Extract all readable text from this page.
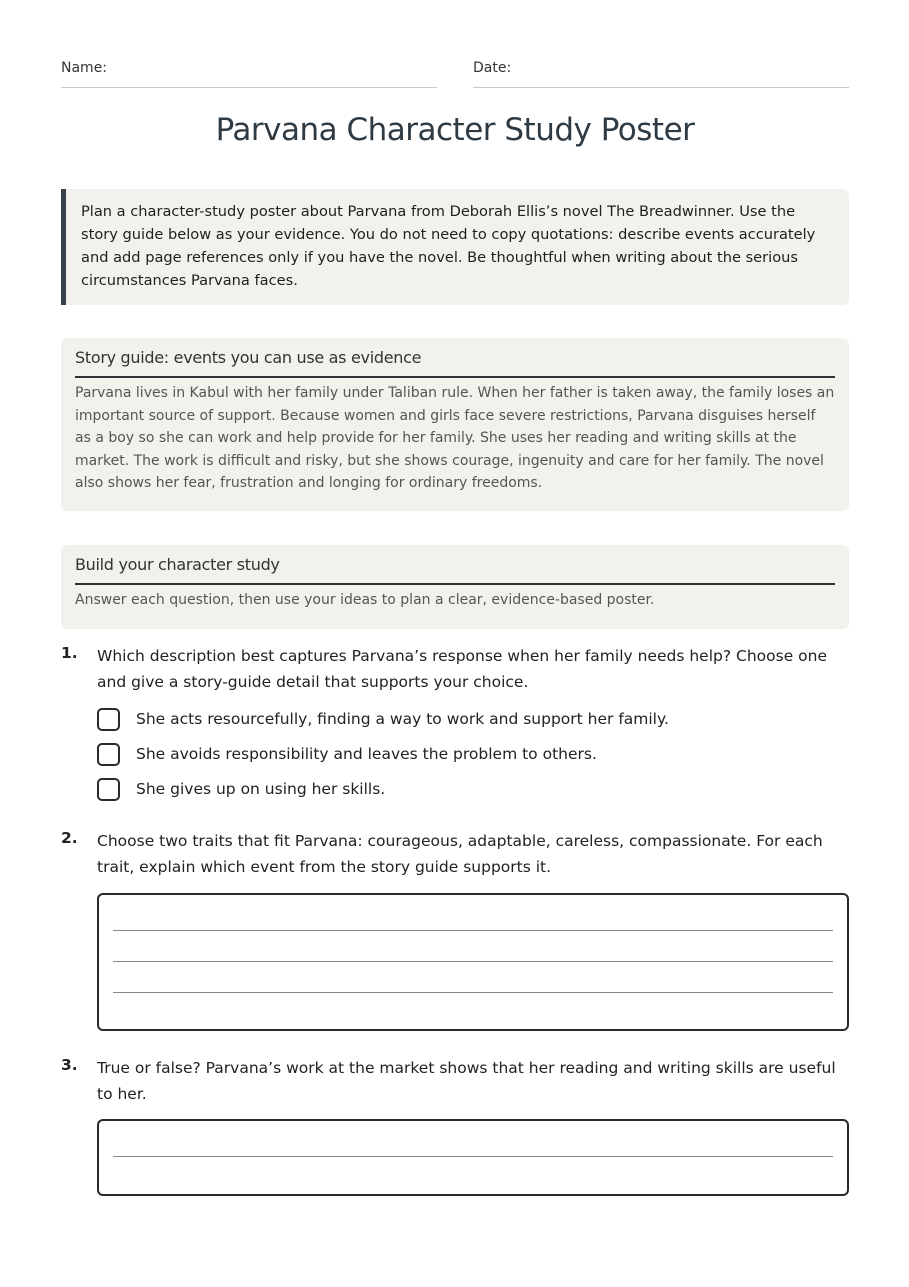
Name:	Date:
Parvana Character Study Poster
Plan a character-study poster about Parvana from Deborah Ellis’s novel The Breadwinner. Use the story guide below as your evidence. You do not need to copy quotations: describe events accurately and add page references only if you have the novel. Be thoughtful when writing about the serious circumstances Parvana faces.
Story guide: events you can use as evidence
Parvana lives in Kabul with her family under Taliban rule. When her father is taken away, the family loses an important source of support. Because women and girls face severe restrictions, Parvana disguises herself as a boy so she can work and help provide for her family. She uses her reading and writing skills at the market. The work is difficult and risky, but she shows courage, ingenuity and care for her family. The novel also shows her fear, frustration and longing for ordinary freedoms.
Build your character study
Answer each question, then use your ideas to plan a clear, evidence-based poster.
1. Which description best captures Parvana’s response when her family needs help? Choose one and give a story-guide detail that supports your choice.
She acts resourcefully, finding a way to work and support her family.
She avoids responsibility and leaves the problem to others.
She gives up on using her skills.
2. Choose two traits that fit Parvana: courageous, adaptable, careless, compassionate. For each trait, explain which event from the story guide supports it.
3. True or false? Parvana’s work at the market shows that her reading and writing skills are useful to her.
